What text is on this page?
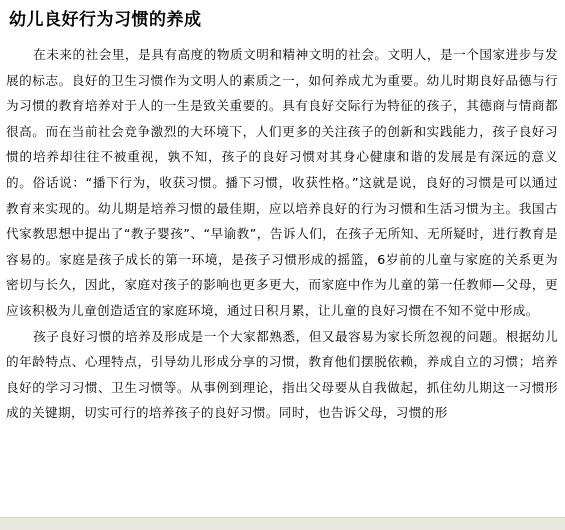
幼儿良好行为习惯的养成

在未来的社会里，是具有高度的物质文明和精神文明的社会。文明人，是一个国家进步与发展的标志。良好的卫生习惯作为文明人的素质之一，如何养成尤为重要。幼儿时期良好品德与行为习惯的教育培养对于人的一生是致关重要的。具有良好交际行为特征的孩子，其德商与情商都很高。而在当前社会竞争激烈的大环境下，人们更多的关注孩子的创新和实践能力，孩子良好习惯的培养却往往不被重视，孰不知，孩子的良好习惯对其身心健康和谐的发展是有深远的意义的。俗话说：“播下行为，收获习惯。播下习惯，收获性格。”这就是说，良好的习惯是可以通过教育来实现的。幼儿期是培养习惯的最佳期，应以培养良好的行为习惯和生活习惯为主。我国古代家教思想中提出了“教子婴孩”、“早谕教”，告诉人们，在孩子无所知、无所疑时，进行教育是容易的。家庭是孩子成长的第一环境，是孩子习惯形成的摇篮，6岁前的儿童与家庭的关系更为密切与长久，因此，家庭对孩子的影响也更多更大，而家庭中作为儿童的第一任教师—父母，更应该积极为儿童创造适宜的家庭环境，通过日积月累，让儿童的良好习惯在不知不觉中形成。

孩子良好习惯的培养及形成是一个大家都熟悉，但又最容易为家长所忽视的问题。根据幼儿的年龄特点、心理特点，引导幼儿形成分享的习惯，教育他们摆脱依赖，养成自立的习惯；培养良好的学习习惯、卫生习惯等。从事例到理论，指出父母要从自我做起，抓住幼儿期这一习惯形成的关键期，切实可行的培养孩子的良好习惯。同时，也告诉父母，习惯的形
